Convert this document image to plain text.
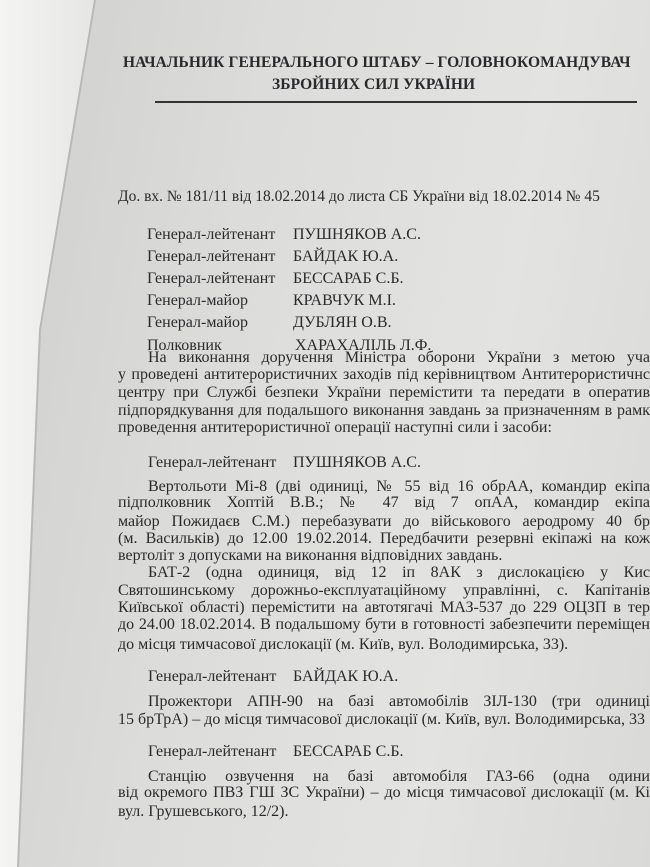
НАЧАЛЬНИК ГЕНЕРАЛЬНОГО ШТАБУ – ГОЛОВНОКОМАНДУВАЧ
ЗБРОЙНИХ СИЛ УКРАЇНИ
До. вх. № 181/11 від 18.02.2014 до листа СБ України від 18.02.2014 № 45
Генерал-лейтенант ПУШНЯКОВ А.С.
Генерал-лейтенант БАЙДАК Ю.А.
Генерал-лейтенант БЕССАРАБ С.Б.
Генерал-майор	КРАВЧУК М.І.
Генерал-майор	ДУБЛЯН О.В.
Полковник	ХАРАХАЛІЛЬ Л.Ф.
На виконання доручення Міністра оборони України з метою уча
у проведені антитерористичних заходів під керівництвом Антитерористичнс
центру при Службі безпеки України перемістити та передати в оператив
підпорядкування для подальшого виконання завдань за призначенням в рамк
проведення антитерористичної операції наступні сили і засоби:
Генерал-лейтенант ПУШНЯКОВ А.С.
Вертольоти Мі-8 (дві одиниці, № 55 від 16 обрАА, командир екіпа
підполковник Хоптій В.В.; № 47 від 7 опАА, командир екіпа
майор Пожидаєв С.М.) перебазувати до військового аеродрому 40 бр
(м. Васильків) до 12.00 19.02.2014. Передбачити резервні екіпажі на кож
вертоліт з допусками на виконання відповідних завдань.
БАТ-2 (одна одиниця, від 12 іп 8АК з дислокацією у Кис
Святошинському дорожньо-експлуатаційному управлінні, с. Капітанів
Київської області) перемістити на автотягачі МАЗ-537 до 229 ОЦЗП в тер
до 24.00 18.02.2014. В подальшому бути в готовності забезпечити переміщен
до місця тимчасової дислокації (м. Київ, вул. Володимирська, 33).
Генерал-лейтенант БАЙДАК Ю.А.
Прожектори АПН-90 на базі автомобілів ЗІЛ-130 (три одиниці
15 брТрА) – до місця тимчасової дислокації (м. Київ, вул. Володимирська, 33
Генерал-лейтенант БЕССАРАБ С.Б.
Станцію озвучення на базі автомобіля ГАЗ-66 (одна одини
від окремого ПВЗ ГШ ЗС України) – до місця тимчасової дислокації (м. Кі
вул. Грушевського, 12/2).
